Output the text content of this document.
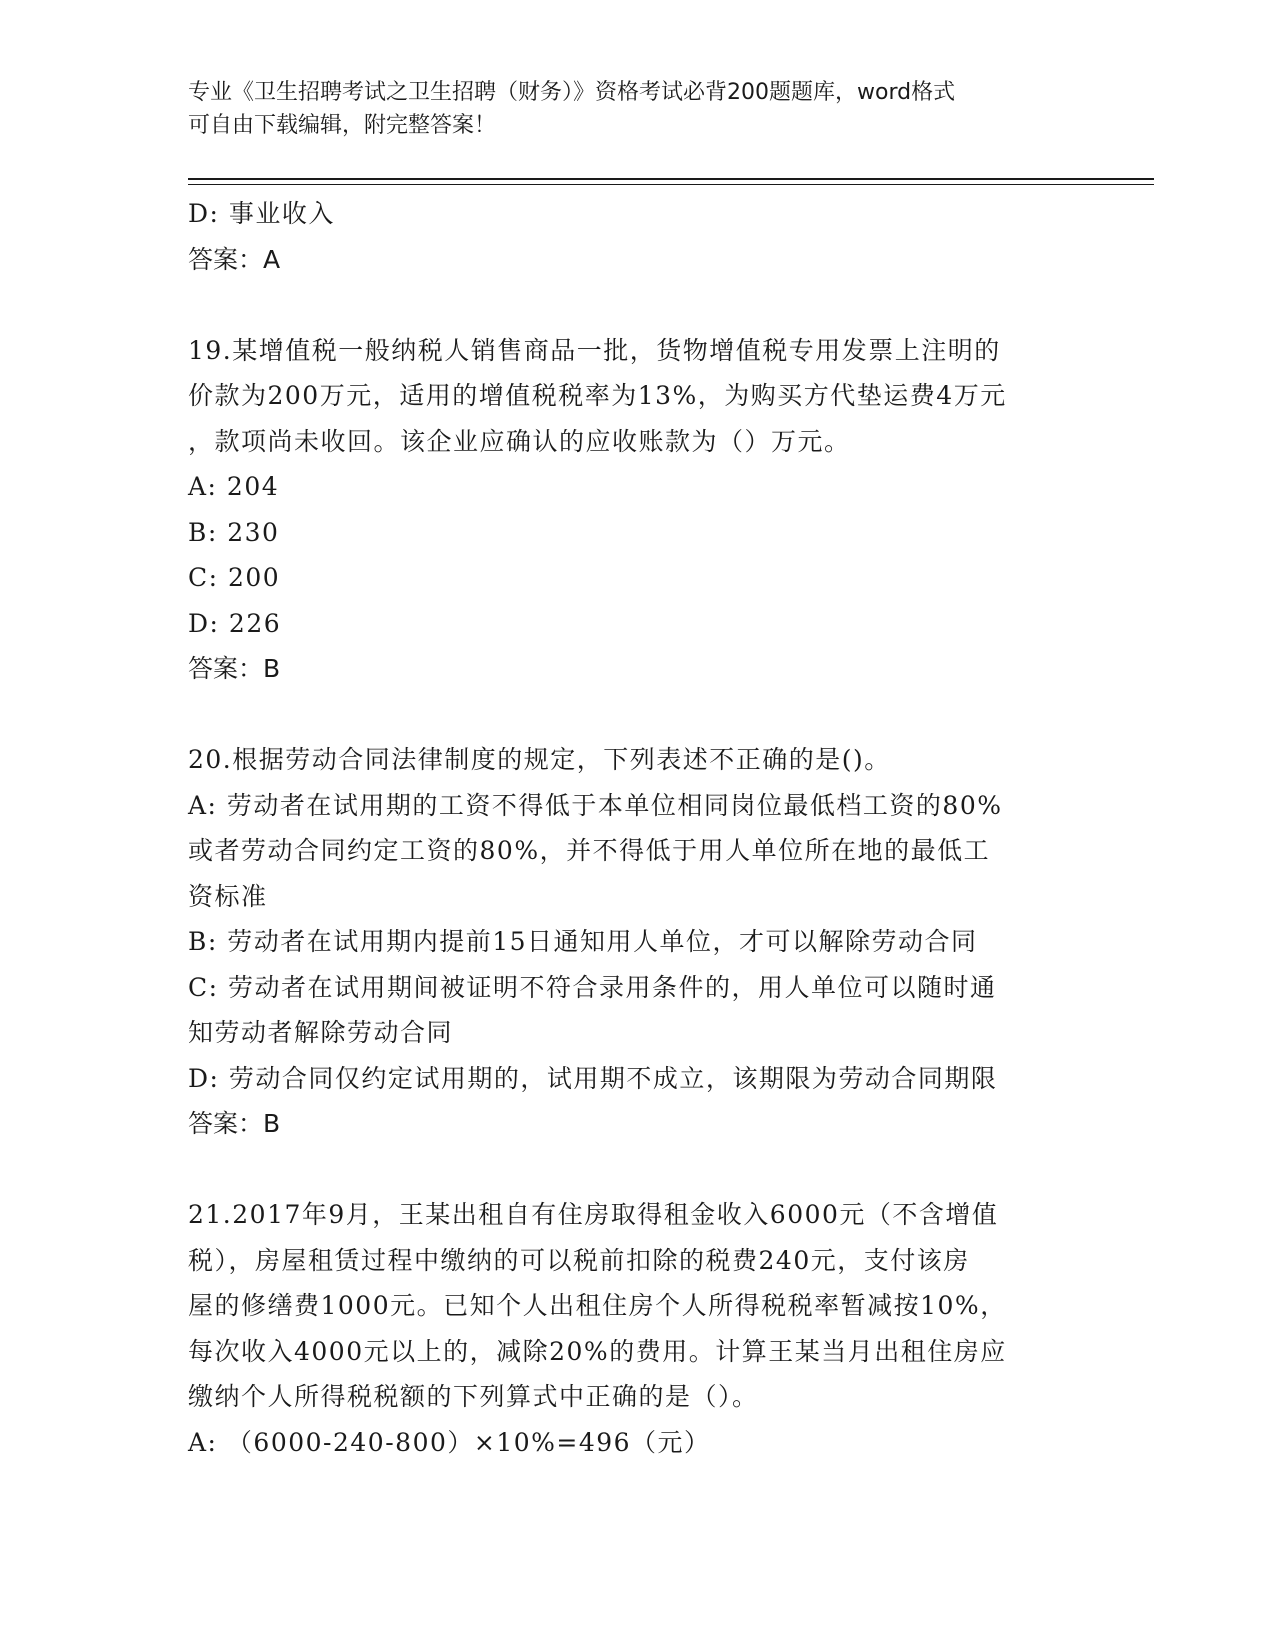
专业《卫生招聘考试之卫生招聘（财务）》资格考试必背200题题库，word格式
可自由下载编辑，附完整答案！
D: 事业收入
答案：A
19.某增值税一般纳税人销售商品一批，货物增值税专用发票上注明的
价款为200万元，适用的增值税税率为13%，为购买方代垫运费4万元
，款项尚未收回。该企业应确认的应收账款为（）万元。
A: 204
B: 230
C: 200
D: 226
答案：B
20.根据劳动合同法律制度的规定，下列表述不正确的是()。
A: 劳动者在试用期的工资不得低于本单位相同岗位最低档工资的80%
或者劳动合同约定工资的80%，并不得低于用人单位所在地的最低工
资标准
B: 劳动者在试用期内提前15日通知用人单位，才可以解除劳动合同
C: 劳动者在试用期间被证明不符合录用条件的，用人单位可以随时通
知劳动者解除劳动合同
D: 劳动合同仅约定试用期的，试用期不成立，该期限为劳动合同期限
答案：B
21.2017年9月，王某出租自有住房取得租金收入6000元（不含增值
税），房屋租赁过程中缴纳的可以税前扣除的税费240元，支付该房
屋的修缮费1000元。已知个人出租住房个人所得税税率暂减按10%，
每次收入4000元以上的，减除20%的费用。计算王某当月出租住房应
缴纳个人所得税税额的下列算式中正确的是（）。
A: （6000-240-800）×10%=496（元）
